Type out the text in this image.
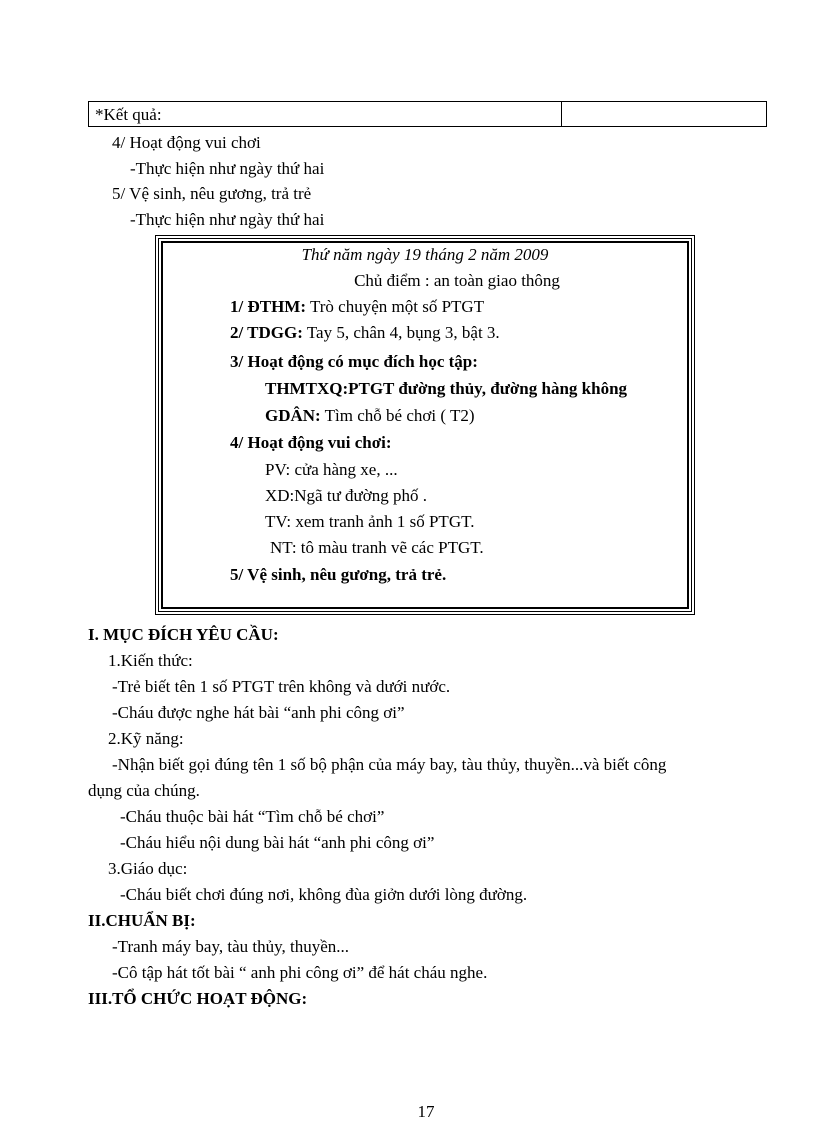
*Kết quả:
4/ Hoạt động vui chơi
-Thực hiện như ngày thứ hai
5/ Vệ sinh, nêu gương, trả trẻ
-Thực hiện như ngày thứ hai
Thứ năm ngày 19 tháng 2 năm 2009
Chủ điểm : an toàn giao thông
1/ ĐTHM: Trò chuyện một số PTGT
2/ TDGG: Tay 5, chân 4, bụng 3, bật 3.
3/ Hoạt động có mục đích học tập:
THMTXQ:PTGT đường thủy, đường hàng không
GDÂN: Tìm chỗ bé chơi ( T2)
4/ Hoạt động vui chơi:
PV: cửa hàng xe, ...
XD:Ngã tư đường phố .
TV: xem tranh ảnh 1 số PTGT.
NT: tô màu tranh vẽ các PTGT.
5/ Vệ sinh, nêu gương, trả trẻ.
I. MỤC ĐÍCH YÊU CẦU:
1.Kiến thức:
-Trẻ biết tên 1 số PTGT trên không và dưới nước.
-Cháu được nghe hát bài “anh phi công ơi”
2.Kỹ năng:
-Nhận biết gọi đúng tên 1 số bộ phận của máy bay, tàu thủy, thuyền...và biết công
dụng của chúng.
-Cháu thuộc bài hát “Tìm chỗ bé chơi”
-Cháu hiểu nội dung bài hát “anh phi công ơi”
3.Giáo dục:
-Cháu biết chơi đúng nơi, không đùa giởn dưới lòng đường.
II.CHUẨN BỊ:
-Tranh máy bay, tàu thủy, thuyền...
-Cô tập hát tốt bài “ anh phi công ơi” để hát cháu nghe.
III.TỔ CHỨC HOẠT ĐỘNG:
17
